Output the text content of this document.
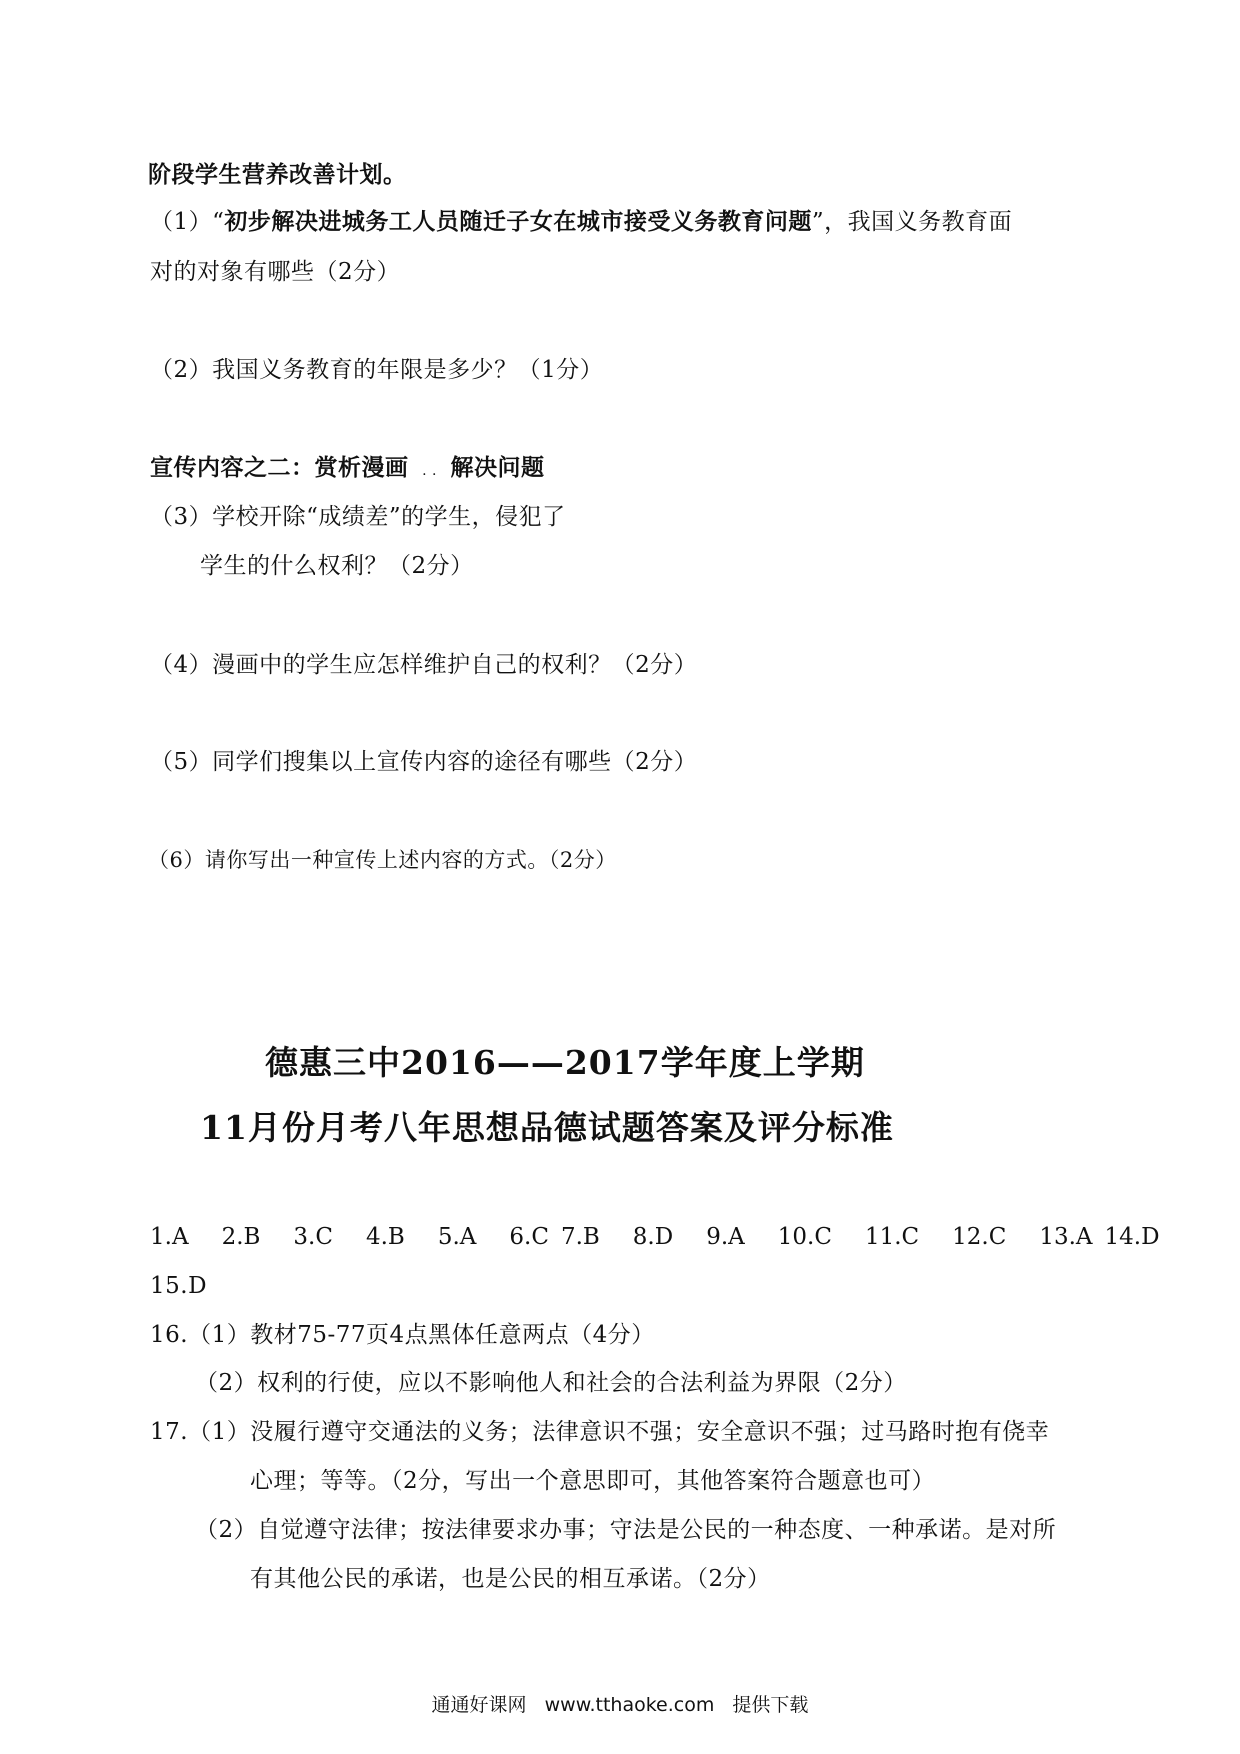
阶段学生营养改善计划。
（1）“初步解决进城务工人员随迁子女在城市接受义务教育问题”，我国义务教育面
对的对象有哪些（2分）
（2）我国义务教育的年限是多少？（1分）
宣传内容之二：赏析漫画 . . 解决问题
（3）学校开除“成绩差”的学生，侵犯了
学生的什么权利？（2分）
（4）漫画中的学生应怎样维护自己的权利？（2分）
（5）同学们搜集以上宣传内容的途径有哪些（2分）
（6）请你写出一种宣传上述内容的方式。（2分）
德惠三中2016——2017学年度上学期
11月份月考八年思想品德试题答案及评分标准
1.A 2.B 3.C 4.B 5.A 6.C 7.B 8.D 9.A 10.C 11.C 12.C 13.A 14.D
15.D
16.（1）教材75-77页4点黑体任意两点（4分）
（2）权利的行使，应以不影响他人和社会的合法利益为界限（2分）
17.（1）没履行遵守交通法的义务；法律意识不强；安全意识不强；过马路时抱有侥幸
心理；等等。（2分，写出一个意思即可，其他答案符合题意也可）
（2）自觉遵守法律；按法律要求办事；守法是公民的一种态度、一种承诺。是对所
有其他公民的承诺，也是公民的相互承诺。（2分）
通通好课网 www.tthaoke.com 提供下载
